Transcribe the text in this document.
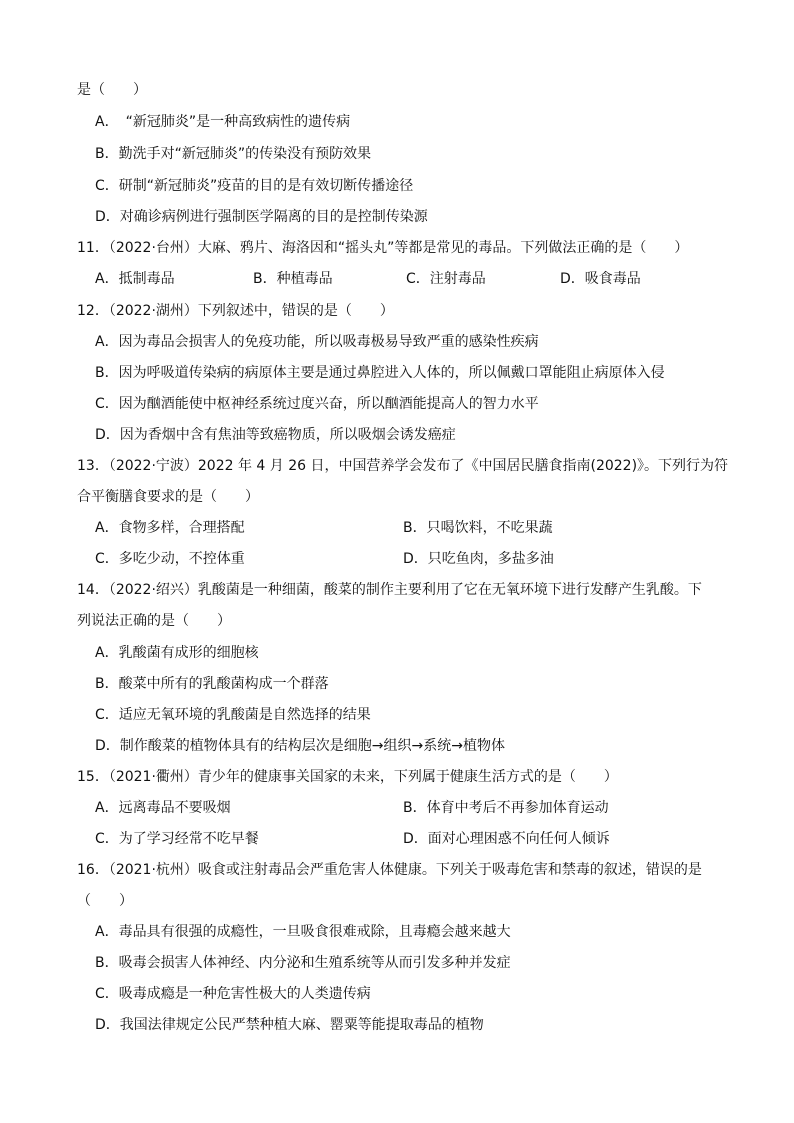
是（　　）
A．　“新冠肺炎”是一种高致病性的遗传病
B．勤洗手对“新冠肺炎”的传染没有预防效果
C．研制“新冠肺炎”疫苗的目的是有效切断传播途径
D．对确诊病例进行强制医学隔离的目的是控制传染源
11．（2022·台州）大麻、鸦片、海洛因和“摇头丸”等都是常见的毒品。下列做法正确的是（　　）
A．抵制毒品	B．种植毒品	C．注射毒品	D．吸食毒品
12．（2022·湖州）下列叙述中，错误的是（　　）
A．因为毒品会损害人的免疫功能，所以吸毒极易导致严重的感染性疾病
B．因为呼吸道传染病的病原体主要是通过鼻腔进入人体的，所以佩戴口罩能阻止病原体入侵
C．因为酗酒能使中枢神经系统过度兴奋，所以酗酒能提高人的智力水平
D．因为香烟中含有焦油等致癌物质，所以吸烟会诱发癌症
13．（2022·宁波）2022 年 4 月 26 日，中国营养学会发布了《中国居民膳食指南(2022)》。下列行为符
合平衡膳食要求的是（　　）
A．食物多样，合理搭配	B．只喝饮料，不吃果蔬
C．多吃少动，不控体重	D．只吃鱼肉，多盐多油
14．（2022·绍兴）乳酸菌是一种细菌，酸菜的制作主要利用了它在无氧环境下进行发酵产生乳酸。下
列说法正确的是（　　）
A．乳酸菌有成形的细胞核
B．酸菜中所有的乳酸菌构成一个群落
C．适应无氧环境的乳酸菌是自然选择的结果
D．制作酸菜的植物体具有的结构层次是细胞→组织→系统→植物体
15．（2021·衢州）青少年的健康事关国家的未来，下列属于健康生活方式的是（　　）
A．远离毒品不要吸烟	B．体育中考后不再参加体育运动
C．为了学习经常不吃早餐	D．面对心理困惑不向任何人倾诉
16．（2021·杭州）吸食或注射毒品会严重危害人体健康。下列关于吸毒危害和禁毒的叙述，错误的是
（　　）
A．毒品具有很强的成瘾性，一旦吸食很难戒除，且毒瘾会越来越大
B．吸毒会损害人体神经、内分泌和生殖系统等从而引发多种并发症
C．吸毒成瘾是一种危害性极大的人类遗传病
D．我国法律规定公民严禁种植大麻、罂粟等能提取毒品的植物
